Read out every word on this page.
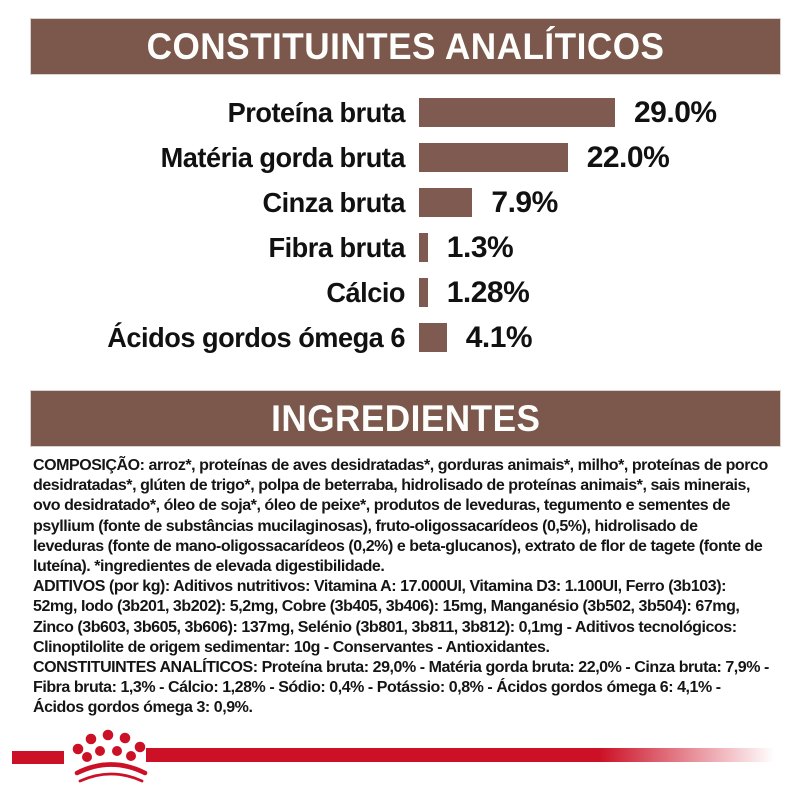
CONSTITUINTES ANALÍTICOS
Proteína bruta	29.0%
Matéria gorda bruta	22.0%
Cinza bruta	7.9%
Fibra bruta 1.3%
Cálcio 1.28%
Ácidos gordos ómega 6 4.1%
INGREDIENTES

COMPOSIÇÃO: arroz*, proteínas de aves desidratadas*, gorduras animais*, milho*, proteínas de porco desidratadas*, glúten de trigo*, polpa de beterraba, hidrolisado de proteínas animais*, sais minerais, ovo desidratado*, óleo de soja*, óleo de peixe*, produtos de leveduras, tegumento e sementes de psyllium (fonte de substâncias mucilaginosas), fruto-oligossacarídeos (0,5%), hidrolisado de leveduras (fonte de mano-oligossacarídeos (0,2%) e beta-glucanos), extrato de flor de tagete (fonte de luteína). *ingredientes de elevada digestibilidade.

ADITIVOS (por kg): Aditivos nutritivos: Vitamina A: 17.000UI, Vitamina D3: 1.100UI, Ferro (3b103): 52mg, Iodo (3b201, 3b202): 5,2mg, Cobre (3b405, 3b406): 15mg, Manganésio (3b502, 3b504): 67mg, Zinco (3b603, 3b605, 3b606): 137mg, Selénio (3b801, 3b811, 3b812): 0,1mg - Aditivos tecnológicos: Clinoptilolite de origem sedimentar: 10g - Conservantes - Antioxidantes.

CONSTITUINTES ANALÍTICOS: Proteína bruta: 29,0% - Matéria gorda bruta: 22,0% - Cinza bruta: 7,9% - Fibra bruta: 1,3% - Cálcio: 1,28% - Sódio: 0,4% - Potássio: 0,8% - Ácidos gordos ómega 6: 4,1% - Ácidos gordos ómega 3: 0,9%.
